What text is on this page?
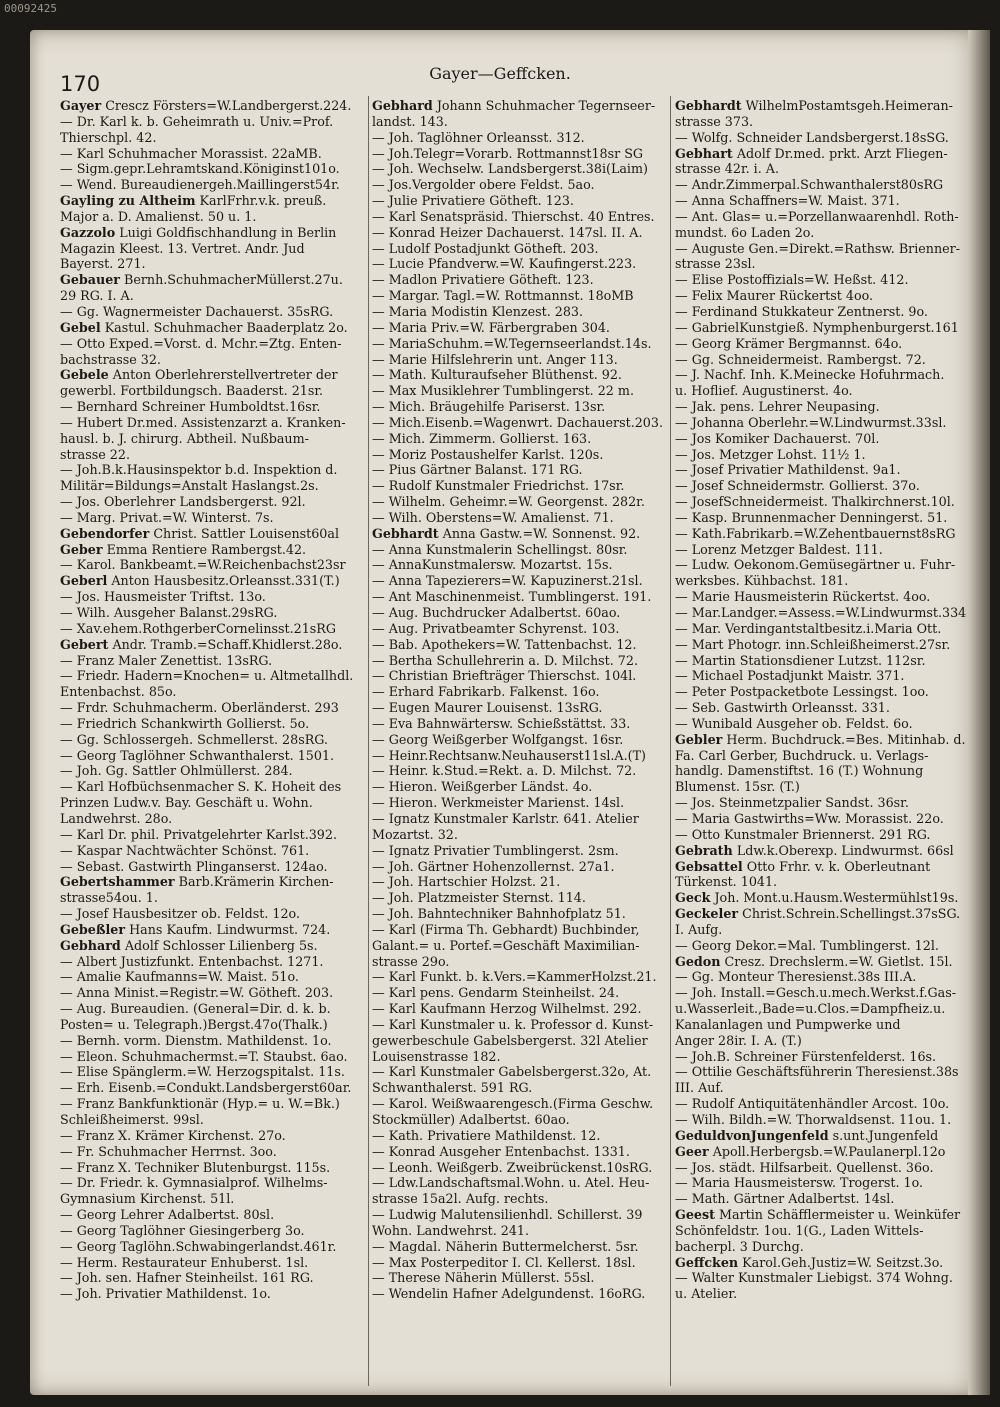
00092425
170	Gayer—Geffcken.
Gayer Crescz Försters=W.Landbergerst.224.
— Dr. Karl k. b. Geheimrath u. Univ.=Prof.
Thierschpl. 42.
— Karl Schuhmacher Morassist. 22aMB.
— Sigm.gepr.Lehramtskand.Königinst101o.
— Wend. Bureaudienergeh.Maillingerst54r.
Gayling zu Altheim KarlFrhr.v.k. preuß.
Major a. D. Amalienst. 50 u. 1.
Gazzolo Luigi Goldfischhandlung in Berlin
Magazin Kleest. 13. Vertret. Andr. Jud
Bayerst. 271.
Gebauer Bernh.SchuhmacherMüllerst.27u.
29 RG. I. A.
— Gg. Wagnermeister Dachauerst. 35sRG.
Gebel Kastul. Schuhmacher Baaderplatz 2o.
— Otto Exped.=Vorst. d. Mchr.=Ztg. Enten-
bachstrasse 32.
Gebele Anton Oberlehrerstellvertreter der
gewerbl. Fortbildungsch. Baaderst. 21sr.
— Bernhard Schreiner Humboldtst.16sr.
— Hubert Dr.med. Assistenzarzt a. Kranken-
hausl. b. J. chirurg. Abtheil. Nußbaum-
strasse 22.
— Joh.B.k.Hausinspektor b.d. Inspektion d.
Militär=Bildungs=Anstalt Haslangst.2s.
— Jos. Oberlehrer Landsbergerst. 92l.
— Marg. Privat.=W. Winterst. 7s.
Gebendorfer Christ. Sattler Louisenst60al
Geber Emma Rentiere Rambergst.42.
— Karol. Bankbeamt.=W.Reichenbachst23sr
Geberl Anton Hausbesitz.Orleansst.331(T.)
— Jos. Hausmeister Triftst. 13o.
— Wilh. Ausgeher Balanst.29sRG.
— Xav.ehem.RothgerberCornelinsst.21sRG
Gebert Andr. Tramb.=Schaff.Khidlerst.28o.
— Franz Maler Zenettist. 13sRG.
— Friedr. Hadern=Knochen= u. Altmetallhdl.
Entenbachst. 85o.
— Frdr. Schuhmacherm. Oberländerst. 293
— Friedrich Schankwirth Gollierst. 5o.
— Gg. Schlossergeh. Schmellerst. 28sRG.
— Georg Taglöhner Schwanthalerst. 1501.
— Joh. Gg. Sattler Ohlmüllerst. 284.
— Karl Hofbüchsenmacher S. K. Hoheit des
Prinzen Ludw.v. Bay. Geschäft u. Wohn.
Landwehrst. 28o.
— Karl Dr. phil. Privatgelehrter Karlst.392.
— Kaspar Nachtwächter Schönst. 761.
— Sebast. Gastwirth Plinganserst. 124ao.
Gebertshammer Barb.Krämerin Kirchen-
strasse54ou. 1.
— Josef Hausbesitzer ob. Feldst. 12o.
Gebeßler Hans Kaufm. Lindwurmst. 724.
Gebhard Adolf Schlosser Lilienberg 5s.
— Albert Justizfunkt. Entenbachst. 1271.
— Amalie Kaufmanns=W. Maist. 51o.
— Anna Minist.=Registr.=W. Götheft. 203.
— Aug. Bureaudien. (General=Dir. d. k. b.
Posten= u. Telegraph.)Bergst.47o(Thalk.)
— Bernh. vorm. Dienstm. Mathildenst. 1o.
— Eleon. Schuhmachermst.=T. Staubst. 6ao.
— Elise Spänglerm.=W. Herzogspitalst. 11s.
— Erh. Eisenb.=Condukt.Landsbergerst60ar.
— Franz Bankfunktionär (Hyp.= u. W.=Bk.)
Schleißheimerst. 99sl.
— Franz X. Krämer Kirchenst. 27o.
— Fr. Schuhmacher Herrnst. 3oo.
— Franz X. Techniker Blutenburgst. 115s.
— Dr. Friedr. k. Gymnasialprof. Wilhelms-
Gymnasium Kirchenst. 51l.
— Georg Lehrer Adalbertst. 80sl.
— Georg Taglöhner Giesingerberg 3o.
— Georg Taglöhn.Schwabingerlandst.461r.
— Herm. Restaurateur Enhuberst. 1sl.
— Joh. sen. Hafner Steinheilst. 161 RG.
— Joh. Privatier Mathildenst. 1o.
Gebhard Johann Schuhmacher Tegernseer-
landst. 143.
— Joh. Taglöhner Orleansst. 312.
— Joh.Telegr=Vorarb. Rottmannst18sr SG
— Joh. Wechselw. Landsbergerst.38i(Laim)
— Jos.Vergolder obere Feldst. 5ao.
— Julie Privatiere Götheft. 123.
— Karl Senatspräsid. Thierschst. 40 Entres.
— Konrad Heizer Dachauerst. 147sl. II. A.
— Ludolf Postadjunkt Götheft. 203.
— Lucie Pfandverw.=W. Kaufingerst.223.
— Madlon Privatiere Götheft. 123.
— Margar. Tagl.=W. Rottmannst. 18oMB
— Maria Modistin Klenzest. 283.
— Maria Priv.=W. Färbergraben 304.
— MariaSchuhm.=W.Tegernseerlandst.14s.
— Marie Hilfslehrerin unt. Anger 113.
— Math. Kulturaufseher Blüthenst. 92.
— Max Musiklehrer Tumblingerst. 22 m.
— Mich. Bräugehilfe Pariserst. 13sr.
— Mich.Eisenb.=Wagenwrt. Dachauerst.203.
— Mich. Zimmerm. Gollierst. 163.
— Moriz Postaushelfer Karlst. 120s.
— Pius Gärtner Balanst. 171 RG.
— Rudolf Kunstmaler Friedrichst. 17sr.
— Wilhelm. Geheimr.=W. Georgenst. 282r.
— Wilh. Oberstens=W. Amalienst. 71.
Gebhardt Anna Gastw.=W. Sonnenst. 92.
— Anna Kunstmalerin Schellingst. 80sr.
— AnnaKunstmalersw. Mozartst. 15s.
— Anna Tapezierers=W. Kapuzinerst.21sl.
— Ant Maschinenmeist. Tumblingerst. 191.
— Aug. Buchdrucker Adalbertst. 60ao.
— Aug. Privatbeamter Schyrenst. 103.
— Bab. Apothekers=W. Tattenbachst. 12.
— Bertha Schullehrerin a. D. Milchst. 72.
— Christian Briefträger Thierschst. 104l.
— Erhard Fabrikarb. Falkenst. 16o.
— Eugen Maurer Louisenst. 13sRG.
— Eva Bahnwärtersw. Schießstättst. 33.
— Georg Weißgerber Wolfgangst. 16sr.
— Heinr.Rechtsanw.Neuhauserst11sl.A.(T)
— Heinr. k.Stud.=Rekt. a. D. Milchst. 72.
— Hieron. Weißgerber Ländst. 4o.
— Hieron. Werkmeister Marienst. 14sl.
— Ignatz Kunstmaler Karlstr. 641. Atelier
Mozartst. 32.
— Ignatz Privatier Tumblingerst. 2sm.
— Joh. Gärtner Hohenzollernst. 27a1.
— Joh. Hartschier Holzst. 21.
— Joh. Platzmeister Sternst. 114.
— Joh. Bahntechniker Bahnhofplatz 51.
— Karl (Firma Th. Gebhardt) Buchbinder,
Galant.= u. Portef.=Geschäft Maximilian-
strasse 29o.
— Karl Funkt. b. k.Vers.=KammerHolzst.21.
— Karl pens. Gendarm Steinheilst. 24.
— Karl Kaufmann Herzog Wilhelmst. 292.
— Karl Kunstmaler u. k. Professor d. Kunst-
gewerbeschule Gabelsbergerst. 32l Atelier
Louisenstrasse 182.
— Karl Kunstmaler Gabelsbergerst.32o, At.
Schwanthalerst. 591 RG.
— Karol. Weißwaarengesch.(Firma Geschw.
Stockmüller) Adalbertst. 60ao.
— Kath. Privatiere Mathildenst. 12.
— Konrad Ausgeher Entenbachst. 1331.
— Leonh. Weißgerb. Zweibrückenst.10sRG.
— Ldw.Landschaftsmal.Wohn. u. Atel. Heu-
strasse 15a2l. Aufg. rechts.
— Ludwig Malutensilienhdl. Schillerst. 39
Wohn. Landwehrst. 241.
— Magdal. Näherin Buttermelcherst. 5sr.
— Max Posterpeditor I. Cl. Kellerst. 18sl.
— Therese Näherin Müllerst. 55sl.
— Wendelin Hafner Adelgundenst. 16oRG.
Gebhardt WilhelmPostamtsgeh.Heimeran-
strasse 373.
— Wolfg. Schneider Landsbergerst.18sSG.
Gebhart Adolf Dr.med. prkt. Arzt Fliegen-
strasse 42r. i. A.
— Andr.Zimmerpal.Schwanthalerst80sRG
— Anna Schaffners=W. Maist. 371.
— Ant. Glas= u.=Porzellanwaarenhdl. Roth-
mundst. 6o Laden 2o.
— Auguste Gen.=Direkt.=Rathsw. Brienner-
strasse 23sl.
— Elise Postoffizials=W. Heßst. 412.
— Felix Maurer Rückertst 4oo.
— Ferdinand Stukkateur Zentnerst. 9o.
— GabrielKunstgieß. Nymphenburgerst.161
— Georg Krämer Bergmannst. 64o.
— Gg. Schneidermeist. Rambergst. 72.
— J. Nachf. Inh. K.Meinecke Hofuhrmach.
u. Hoflief. Augustinerst. 4o.
— Jak. pens. Lehrer Neupasing.
— Johanna Oberlehr.=W.Lindwurmst.33sl.
— Jos Komiker Dachauerst. 70l.
— Jos. Metzger Lohst. 11½ 1.
— Josef Privatier Mathildenst. 9a1.
— Josef Schneidermstr. Gollierst. 37o.
— JosefSchneidermeist. Thalkirchnerst.10l.
— Kasp. Brunnenmacher Denningerst. 51.
— Kath.Fabrikarb.=W.Zehentbauernst8sRG
— Lorenz Metzger Baldest. 111.
— Ludw. Oekonom.Gemüsegärtner u. Fuhr-
werksbes. Kühbachst. 181.
— Marie Hausmeisterin Rückertst. 4oo.
— Mar.Landger.=Assess.=W.Lindwurmst.334
— Mar. Verdingantstaltbesitz.i.Maria Ott.
— Mart Photogr. inn.Schleißheimerst.27sr.
— Martin Stationsdiener Lutzst. 112sr.
— Michael Postadjunkt Maistr. 371.
— Peter Postpacketbote Lessingst. 1oo.
— Seb. Gastwirth Orleansst. 331.
— Wunibald Ausgeher ob. Feldst. 6o.
Gebler Herm. Buchdruck.=Bes. Mitinhab. d.
Fa. Carl Gerber, Buchdruck. u. Verlags-
handlg. Damenstiftst. 16 (T.) Wohnung
Blumenst. 15sr. (T.)
— Jos. Steinmetzpalier Sandst. 36sr.
— Maria Gastwirths=Ww. Morassist. 22o.
— Otto Kunstmaler Briennerst. 291 RG.
Gebrath Ldw.k.Oberexp. Lindwurmst. 66sl
Gebsattel Otto Frhr. v. k. Oberleutnant
Türkenst. 1041.
Geck Joh. Mont.u.Hausm.Westermühlst19s.
Geckeler Christ.Schrein.Schellingst.37sSG.
I. Aufg.
— Georg Dekor.=Mal. Tumblingerst. 12l.
Gedon Cresz. Drechslerm.=W. Gietlst. 15l.
— Gg. Monteur Theresienst.38s III.A.
— Joh. Install.=Gesch.u.mech.Werkst.f.Gas-
u.Wasserleit.,Bade=u.Clos.=Dampfheiz.u.
Kanalanlagen und Pumpwerke und
Anger 28ir. I. A. (T.)
— Joh.B. Schreiner Fürstenfelderst. 16s.
— Ottilie Geschäftsführerin Theresienst.38s
III. Auf.
— Rudolf Antiquitätenhändler Arcost. 10o.
— Wilh. Bildh.=W. Thorwaldsenst. 11ou. 1.
GeduldvonJungenfeld s.unt.Jungenfeld
Geer Apoll.Herbergsb.=W.Paulanerpl.12o
— Jos. städt. Hilfsarbeit. Quellenst. 36o.
— Maria Hausmeistersw. Trogerst. 1o.
— Math. Gärtner Adalbertst. 14sl.
Geest Martin Schäfflermeister u. Weinküfer
Schönfeldstr. 1ou. 1(G., Laden Wittels-
bacherpl. 3 Durchg.
Geffcken Karol.Geh.Justiz=W. Seitzst.3o.
— Walter Kunstmaler Liebigst. 374 Wohng.
u. Atelier.
